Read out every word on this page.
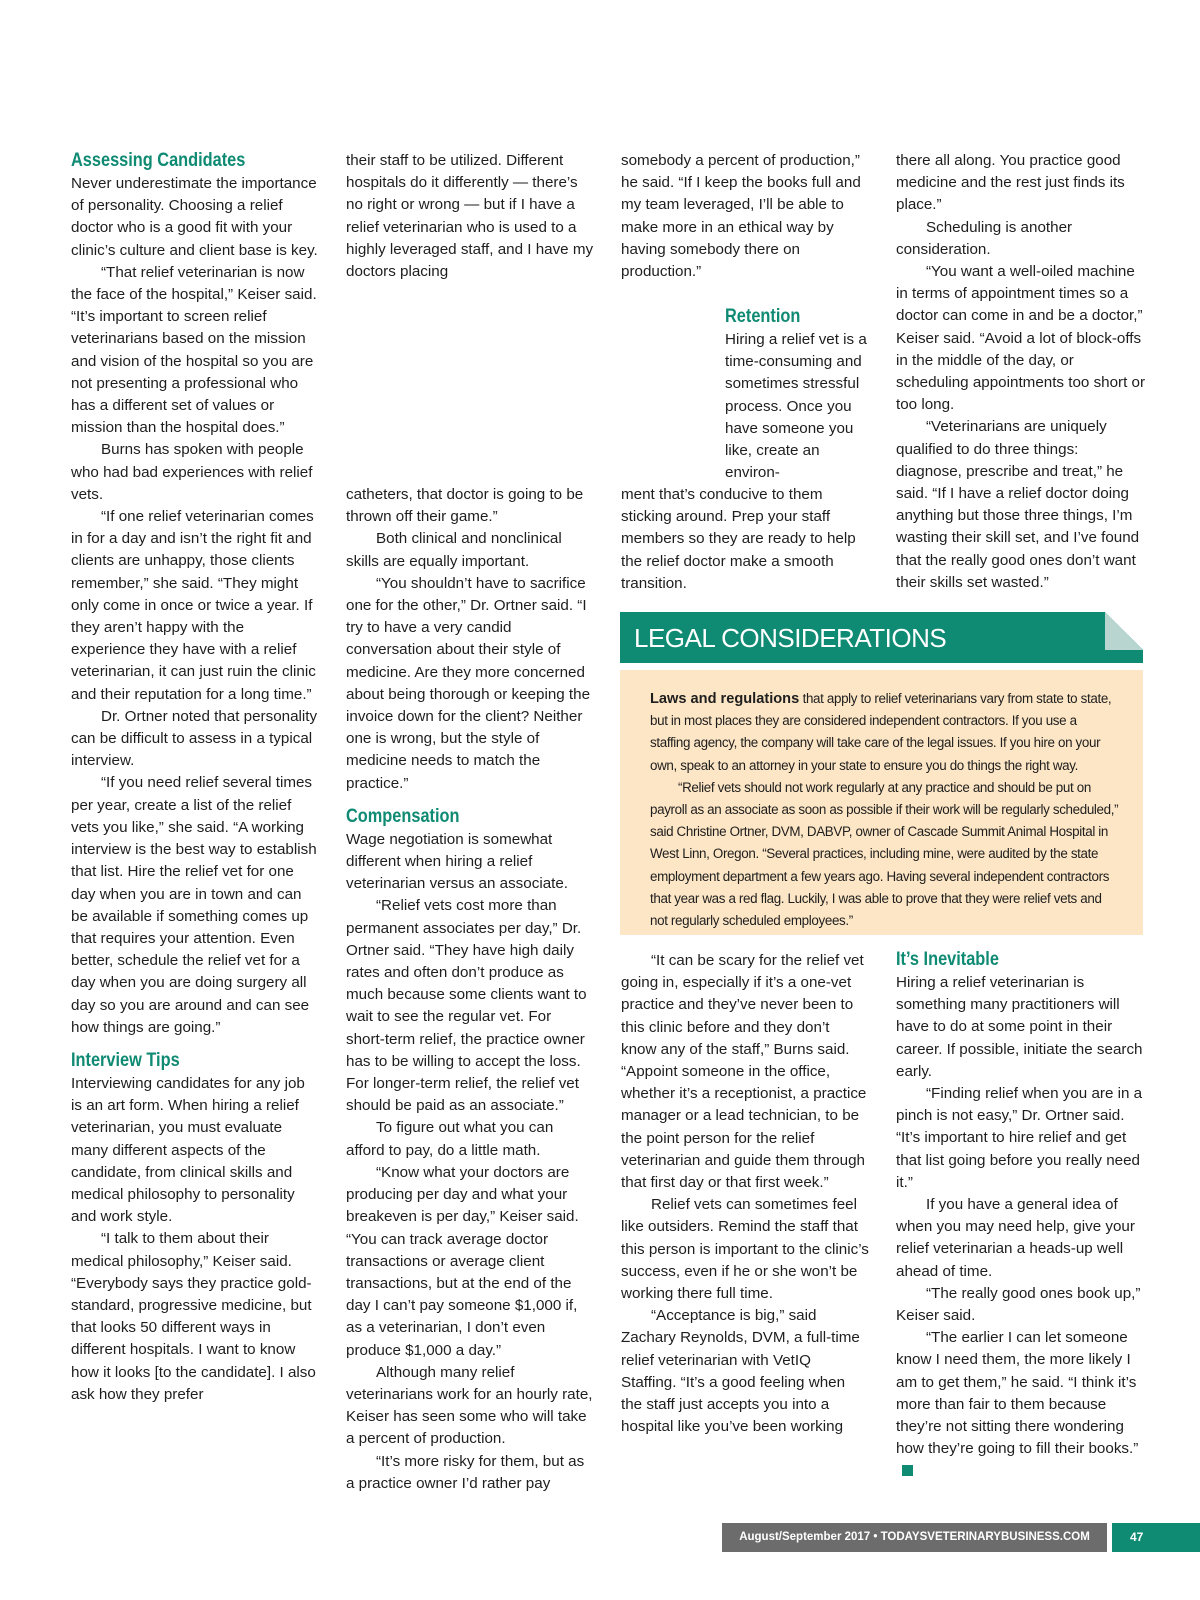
Assessing Candidates

Never underestimate the importance of personality. Choosing a relief doctor who is a good fit with your clinic’s culture and client base is key.

“That relief veterinarian is now the face of the hospital,” Keiser said. “It’s important to screen relief veterinarians based on the mission and vision of the hospital so you are not presenting a professional who has a different set of values or mission than the hospital does.”

Burns has spoken with people who had bad experiences with relief vets.

“If one relief veterinarian comes in for a day and isn’t the right fit and clients are unhappy, those clients remember,” she said. “They might only come in once or twice a year. If they aren’t happy with the experience they have with a relief veterinarian, it can just ruin the clinic and their reputation for a long time.”

Dr. Ortner noted that personality can be difficult to assess in a typical interview.

“If you need relief several times per year, create a list of the relief vets you like,” she said. “A working interview is the best way to establish that list. Hire the relief vet for one day when you are in town and can be available if something comes up that requires your attention. Even better, schedule the relief vet for a day when you are doing surgery all day so you are around and can see how things are going.”

Interview Tips

Interviewing candidates for any job is an art form. When hiring a relief veterinarian, you must evaluate many different aspects of the candidate, from clinical skills and medical philosophy to personality and work style.

“I talk to them about their medical philosophy,” Keiser said. “Everybody says they practice gold-standard, progressive medicine, but that looks 50 different ways in different hospitals. I want to know how it looks [to the candidate]. I also ask how they prefer

their staff to be utilized. Different hospitals do it differently — there’s no right or wrong — but if I have a relief veterinarian who is used to a highly leveraged staff, and I have my doctors placing

catheters, that doctor is going to be thrown off their game.”

Both clinical and nonclinical skills are equally important.

“You shouldn’t have to sacrifice one for the other,” Dr. Ortner said. “I try to have a very candid conversation about their style of medicine. Are they more concerned about being thorough or keeping the invoice down for the client? Neither one is wrong, but the style of medicine needs to match the practice.”

Compensation

Wage negotiation is somewhat different when hiring a relief veterinarian versus an associate.

“Relief vets cost more than permanent associates per day,” Dr. Ortner said. “They have high daily rates and often don’t produce as much because some clients want to wait to see the regular vet. For short-term relief, the practice owner has to be willing to accept the loss. For longer-term relief, the relief vet should be paid as an associate.”

To figure out what you can afford to pay, do a little math.

“Know what your doctors are producing per day and what your breakeven is per day,” Keiser said. “You can track average doctor transactions or average client transactions, but at the end of the day I can’t pay someone $1,000 if, as a veterinarian, I don’t even produce $1,000 a day.”

Although many relief veterinarians work for an hourly rate, Keiser has seen some who will take a percent of production.

“It’s more risky for them, but as a practice owner I’d rather pay

somebody a percent of production,” he said. “If I keep the books full and my team leveraged, I’ll be able to make more in an ethical way by having somebody there on production.”

Retention

Hiring a relief vet is a time-consuming and sometimes stressful process. Once you have someone you like, create an environ-

ment that’s conducive to them sticking around. Prep your staff members so they are ready to help the relief doctor make a smooth transition.

there all along. You practice good medicine and the rest just finds its place.”

Scheduling is another consideration.

“You want a well-oiled machine in terms of appointment times so a doctor can come in and be a doctor,” Keiser said. “Avoid a lot of block-offs in the middle of the day, or scheduling appointments too short or too long.

“Veterinarians are uniquely qualified to do three things: diagnose, prescribe and treat,” he said. “If I have a relief doctor doing anything but those three things, I’m wasting their skill set, and I’ve found that the really good ones don’t want their skills set wasted.”

LEGAL CONSIDERATIONS

Laws and regulations that apply to relief veterinarians vary from state to state, but in most places they are considered independent contractors. If you use a staffing agency, the company will take care of the legal issues. If you hire on your own, speak to an attorney in your state to ensure you do things the right way.

“Relief vets should not work regularly at any practice and should be put on payroll as an associate as soon as possible if their work will be regularly scheduled,” said Christine Ortner, DVM, DABVP, owner of Cascade Summit Animal Hospital in West Linn, Oregon. “Several practices, including mine, were audited by the state employment department a few years ago. Having several independent contractors that year was a red flag. Luckily, I was able to prove that they were relief vets and not regularly scheduled employees.”

“It can be scary for the relief vet going in, especially if it’s a one-vet practice and they’ve never been to this clinic before and they don’t know any of the staff,” Burns said. “Appoint someone in the office, whether it’s a receptionist, a practice manager or a lead technician, to be the point person for the relief veterinarian and guide them through that first day or that first week.”

Relief vets can sometimes feel like outsiders. Remind the staff that this person is important to the clinic’s success, even if he or she won’t be working there full time.

“Acceptance is big,” said Zachary Reynolds, DVM, a full-time relief veterinarian with VetIQ Staffing. “It’s a good feeling when the staff just accepts you into a hospital like you’ve been working

It’s Inevitable

Hiring a relief veterinarian is something many practitioners will have to do at some point in their career. If possible, initiate the search early.

“Finding relief when you are in a pinch is not easy,” Dr. Ortner said. “It’s important to hire relief and get that list going before you really need it.”

If you have a general idea of when you may need help, give your relief veterinarian a heads-up well ahead of time.

“The really good ones book up,” Keiser said.

“The earlier I can let someone know I need them, the more likely I am to get them,” he said. “I think it’s more than fair to them because they’re not sitting there wondering how they’re going to fill their books.”

August/September 2017 • TODAYSVETERINARYBUSINESS.COM	47
